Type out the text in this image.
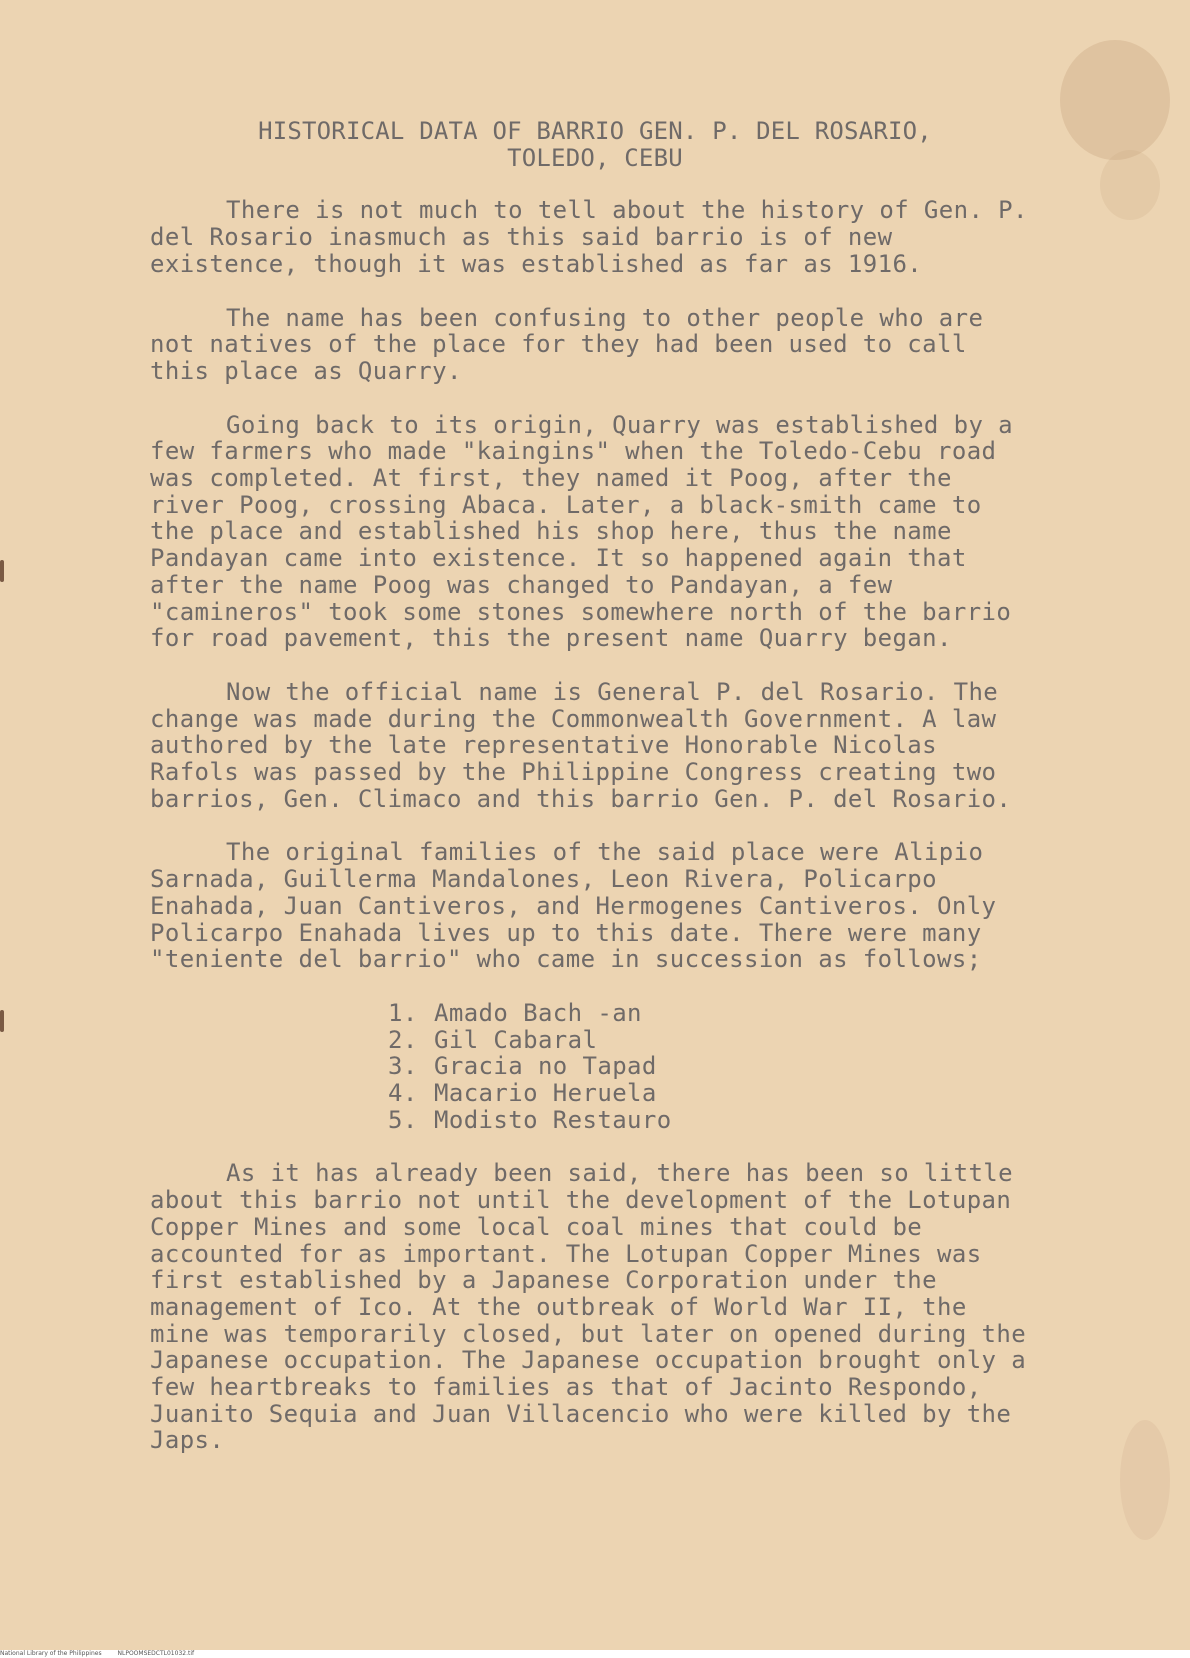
HISTORICAL DATA OF BARRIO GEN. P. DEL ROSARIO,
TOLEDO, CEBU

There is not much to tell about the history of Gen. P. del Rosario inasmuch as this said barrio is of new existence, though it was established as far as 1916.

The name has been confusing to other people who are not natives of the place for they had been used to call this place as Quarry.

Going back to its origin, Quarry was established by a few farmers who made "kaingins" when the Toledo-Cebu road was completed. At first, they named it Poog, after the river Poog, crossing Abaca. Later, a black-smith came to the place and established his shop here, thus the name Pandayan came into existence. It so happened again that after the name Poog was changed to Pandayan, a few "camineros" took some stones somewhere north of the barrio for road pavement, this the present name Quarry began.

Now the official name is General P. del Rosario. The change was made during the Commonwealth Government. A law authored by the late representative Honorable Nicolas Rafols was passed by the Philippine Congress creating two barrios, Gen. Climaco and this barrio Gen. P. del Rosario.

The original families of the said place were Alipio Sarnada, Guillerma Mandalones, Leon Rivera, Policarpo Enahada, Juan Cantiveros, and Hermogenes Cantiveros. Only Policarpo Enahada lives up to this date. There were many "teniente del barrio" who came in succession as follows;

1. Amado Bach -an
2. Gil Cabaral
3. Gracia no Tapad
4. Macario Heruela
5. Modisto Restauro

As it has already been said, there has been so little about this barrio not until the development of the Lotupan Copper Mines and some local coal mines that could be accounted for as important. The Lotupan Copper Mines was first established by a Japanese Corporation under the management of Ico. At the outbreak of World War II, the mine was temporarily closed, but later on opened during the Japanese occupation. The Japanese occupation brought only a few heartbreaks to families as that of Jacinto Respondo, Juanito Sequia and Juan Villacencio who were killed by the Japs.

National Library of the Philippines	NLPOOMSEDCTL01032.tif
